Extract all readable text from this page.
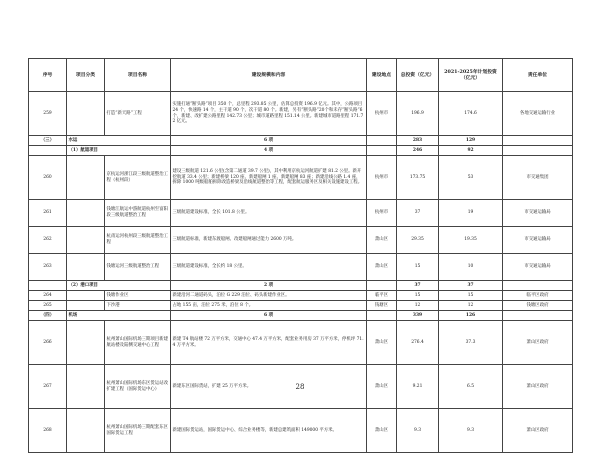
序号	项目分类	项目名称	建设规模和内容	建设地点	总投资（亿元）	2021-2025年计划投资（亿元）	责任单位
259		打造“新天路”工程	实施打通“断头路”项目 350 个，总里程 293.85 公里，估算总投资 196.9 亿元。其中，公路项目 24 个，快速路 14 个，主干道 90 个，次干道 80 个。新建，另有“断头路”20个和未存“断头路”6个，新建、改扩建公路里程 142.73 公里；城市道路里程 151.14 公里。新建城市道路里程 171.72 亿元。	杭州市	196.9	174.6	各地交通运输行业
（三）	水运		6 项		283	129	
	（1）航道项目		4 项		246	92	
260		京杭运河浙江段三级航道整治工程（杭州段）	建设三级航道 121.6 公里(含第二通道 39.7 公里)，其中利用京杭运河航道扩建 81.2 公里。新开挖航道 33.4 公里；新建桥梁 120 座、新建船闸 1 座、新建船闸 83 座；新建沿线公路 1.4 座，拆除 1000 吨级船舶拆除改造桥梁及沿线航道整治等工程，配套航运服务区及相关设施建设工程。	杭州市	173.75	53	市交通集团
261		钱塘江航运中游航道杭州至富阳段三级航道整治工程	三级航道建设标准，全长 101.8 公里。	杭州市	37	19	市交通运输局
262		杭甬运河杭州段三级航道整治工程	三级航道标准，新建东渡船闸、改建船闸通过能力 2600 万吨。	萧山区	29.35	19.35	市交通运输局
263		钱塘运河三级航道整治工程	三级航道建设标准，全长约 18 公里。	萧山区	15	10	市交通运输局
	（2）港口项目		2 项		37	37	
264		钱塘作业区	新建沿河二通道码头，泊位 G 229 泊位、码头新建作业区。	临平区	15	15	临平区政府
265		下沙港	占地 155 亩，泊位 275 米，泊位 8 个。	钱塘区	12	12	钱塘区政府
（四）	机场		6 项		339	126	
266		杭州萧山国际机场三期项目新建航站楼及陆侧交通中心工程	新建 T4 航站楼 72 万平方米，交通中心 47.4 万平方米，配套业务用房 37 万平方米，停机坪 71.4 万平方米。	萧山区	276.4	37.3	萧山区政府
267		杭州萧山国际机场东区货运站改扩建工程（国际货运中心）	新建东区国际货站，扩建 25 万平方米。	萧山区	9.21	6.5	萧山区政府
268		杭州萧山国际机场三期配套东区国际货运工程	新建国际货运站，国际货运中心、综合业务楼等，新建总建筑面积 149000 平方米。	萧山区	9.3	9.3	萧山区政府
28
